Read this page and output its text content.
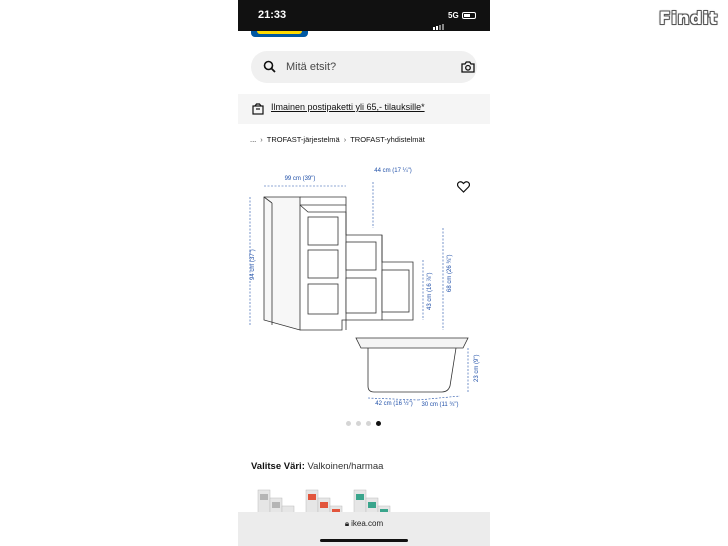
21:33	5G
Mitä etsit?
Ilmainen postipaketti yli 65,- tilauksille*
... › TROFAST-järjestelmä › TROFAST-yhdistelmät
99 cm (39")
44 cm (17 ¼")
94 cm (37")
43 cm (16 ⅞") 68 cm (26 ¾")
42 cm (16 ½") 30 cm (11 ¾")
23 cm (9")
Valitse Väri: Valkoinen/harmaa
🔒︎ ikea.com
Findit
